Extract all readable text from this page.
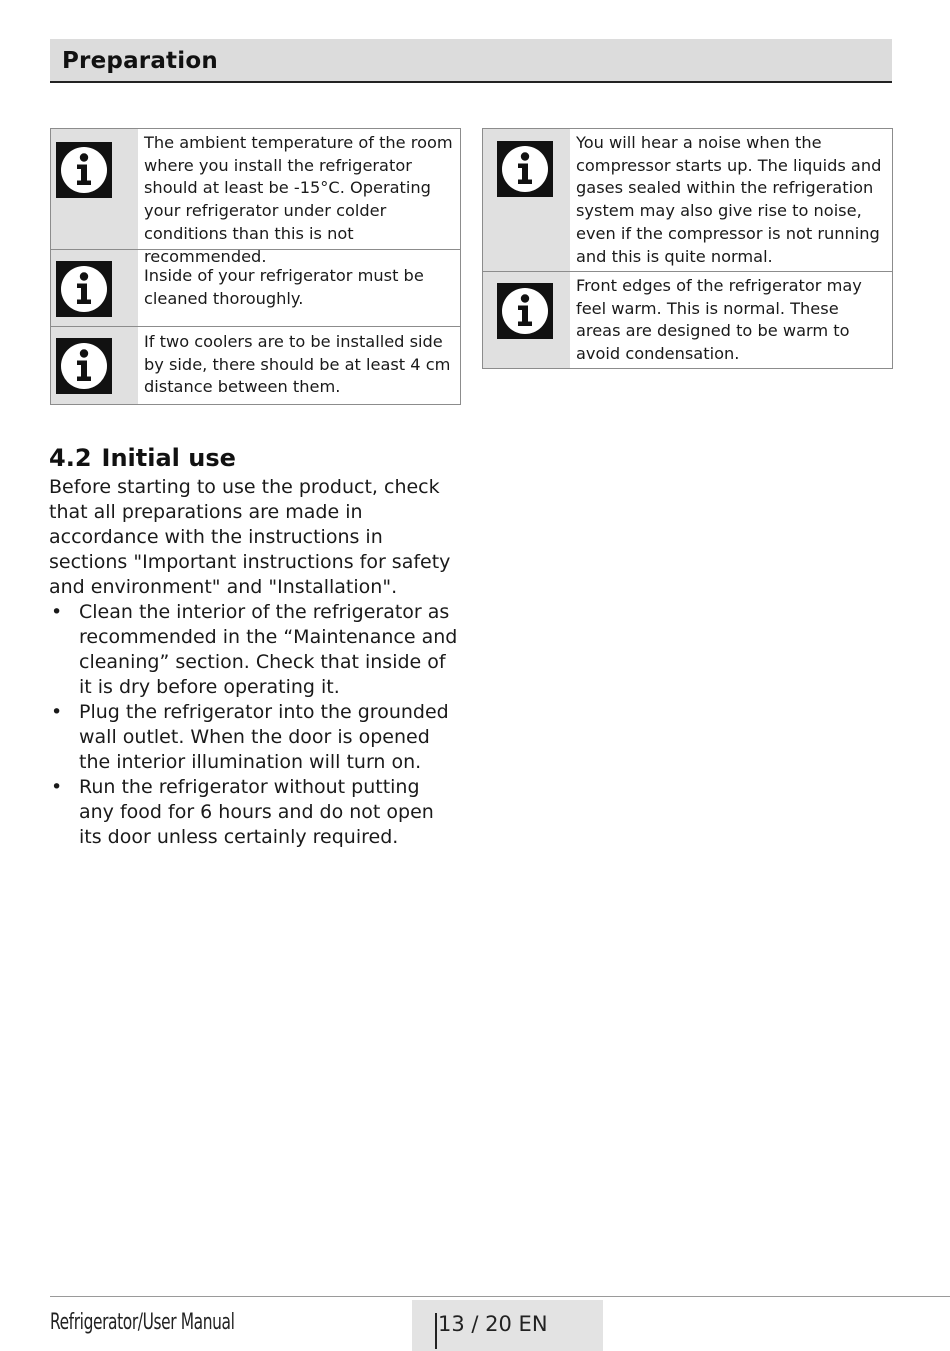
Preparation
The ambient temperature of the room where you install the refrigerator should at least be -15°C. Operating your refrigerator under colder conditions than this is not recommended.
Inside of your refrigerator must be cleaned thoroughly.
If two coolers are to be installed side by side, there should be at least 4 cm distance between them.
You will hear a noise when the compressor starts up. The liquids and gases sealed within the refrigeration system may also give rise to noise, even if the compressor is not running and this is quite normal.
Front edges of the refrigerator may feel warm. This is normal. These areas are designed to be warm to avoid condensation.
4.2 Initial use
Before starting to use the product, check that all preparations are made in accordance with the instructions in sections "Important instructions for safety and environment" and "Installation".
• Clean the interior of the refrigerator as recommended in the “Maintenance and cleaning” section. Check that inside of it is dry before operating it.
• Plug the refrigerator into the grounded wall outlet. When the door is opened the interior illumination will turn on.
• Run the refrigerator without putting any food for 6 hours and do not open its door unless certainly required.
Refrigerator/User Manual	13 / 20 EN
